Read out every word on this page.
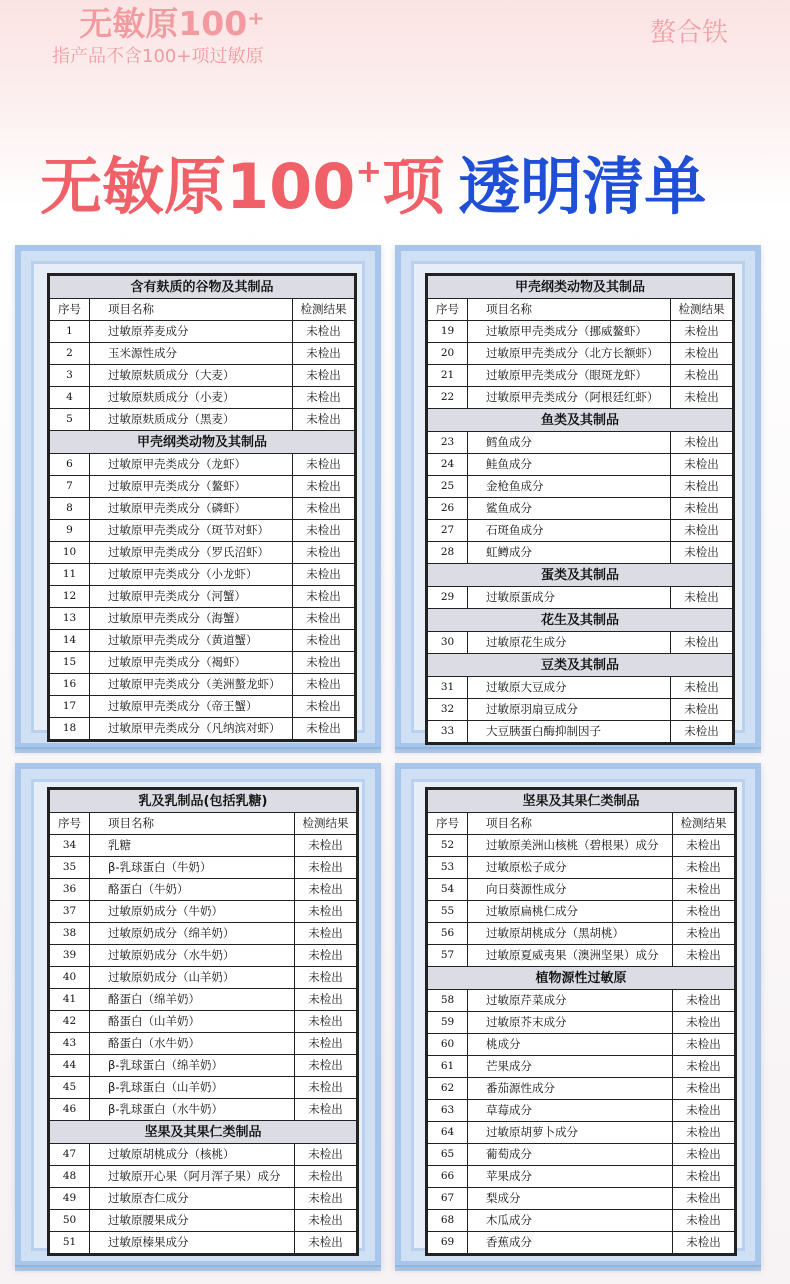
无敏原100⁺
指产品不含100+项过敏原
螯合铁
无敏原100+项 透明清单
含有麸质的谷物及其制品		
序号	项目名称	检测结果
1	过敏原荞麦成分	未检出
2	玉米源性成分	未检出
3	过敏原麸质成分（大麦）	未检出
4	过敏原麸质成分（小麦）	未检出
5	过敏原麸质成分（黑麦）	未检出
甲壳纲类动物及其制品		
6	过敏原甲壳类成分（龙虾）	未检出
7	过敏原甲壳类成分（鳌虾）	未检出
8	过敏原甲壳类成分（磷虾）	未检出
9	过敏原甲壳类成分（斑节对虾）	未检出
10	过敏原甲壳类成分（罗氏沼虾）	未检出
11	过敏原甲壳类成分（小龙虾）	未检出
12	过敏原甲壳类成分（河蟹）	未检出
13	过敏原甲壳类成分（海蟹）	未检出
14	过敏原甲壳类成分（黄道蟹）	未检出
15	过敏原甲壳类成分（褐虾）	未检出
16	过敏原甲壳类成分（美洲螯龙虾）	未检出
17	过敏原甲壳类成分（帝王蟹）	未检出
18	过敏原甲壳类成分（凡纳滨对虾）	未检出
甲壳纲类动物及其制品		
序号	项目名称	检测结果
19	过敏原甲壳类成分（挪威鳌虾）	未检出
20	过敏原甲壳类成分（北方长额虾）	未检出
21	过敏原甲壳类成分（眼斑龙虾）	未检出
22	过敏原甲壳类成分（阿根廷红虾）	未检出
鱼类及其制品		
23	鳕鱼成分	未检出
24	鲑鱼成分	未检出
25	金枪鱼成分	未检出
26	鲨鱼成分	未检出
27	石斑鱼成分	未检出
28	虹鳟成分	未检出
蛋类及其制品		
29	过敏原蛋成分	未检出
花生及其制品		
30	过敏原花生成分	未检出
豆类及其制品		
31	过敏原大豆成分	未检出
32	过敏原羽扇豆成分	未检出
33	大豆胰蛋白酶抑制因子	未检出
乳及乳制品(包括乳糖)		
序号	项目名称	检测结果
34	乳糖	未检出
35	β-乳球蛋白（牛奶）	未检出
36	酪蛋白（牛奶）	未检出
37	过敏原奶成分（牛奶）	未检出
38	过敏原奶成分（绵羊奶）	未检出
39	过敏原奶成分（水牛奶）	未检出
40	过敏原奶成分（山羊奶）	未检出
41	酪蛋白（绵羊奶）	未检出
42	酪蛋白（山羊奶）	未检出
43	酪蛋白（水牛奶）	未检出
44	β-乳球蛋白（绵羊奶）	未检出
45	β-乳球蛋白（山羊奶）	未检出
46	β-乳球蛋白（水牛奶）	未检出
坚果及其果仁类制品		
47	过敏原胡桃成分（核桃）	未检出
48	过敏原开心果（阿月浑子果）成分	未检出
49	过敏原杏仁成分	未检出
50	过敏原腰果成分	未检出
51	过敏原榛果成分	未检出
坚果及其果仁类制品		
序号	项目名称	检测结果
52	过敏原美洲山核桃（碧根果）成分	未检出
53	过敏原松子成分	未检出
54	向日葵源性成分	未检出
55	过敏原扁桃仁成分	未检出
56	过敏原胡桃成分（黑胡桃）	未检出
57	过敏原夏威夷果（澳洲坚果）成分	未检出
植物源性过敏原		
58	过敏原芹菜成分	未检出
59	过敏原芥末成分	未检出
60	桃成分	未检出
61	芒果成分	未检出
62	番茄源性成分	未检出
63	草莓成分	未检出
64	过敏原胡萝卜成分	未检出
65	葡萄成分	未检出
66	苹果成分	未检出
67	梨成分	未检出
68	木瓜成分	未检出
69	香蕉成分	未检出
